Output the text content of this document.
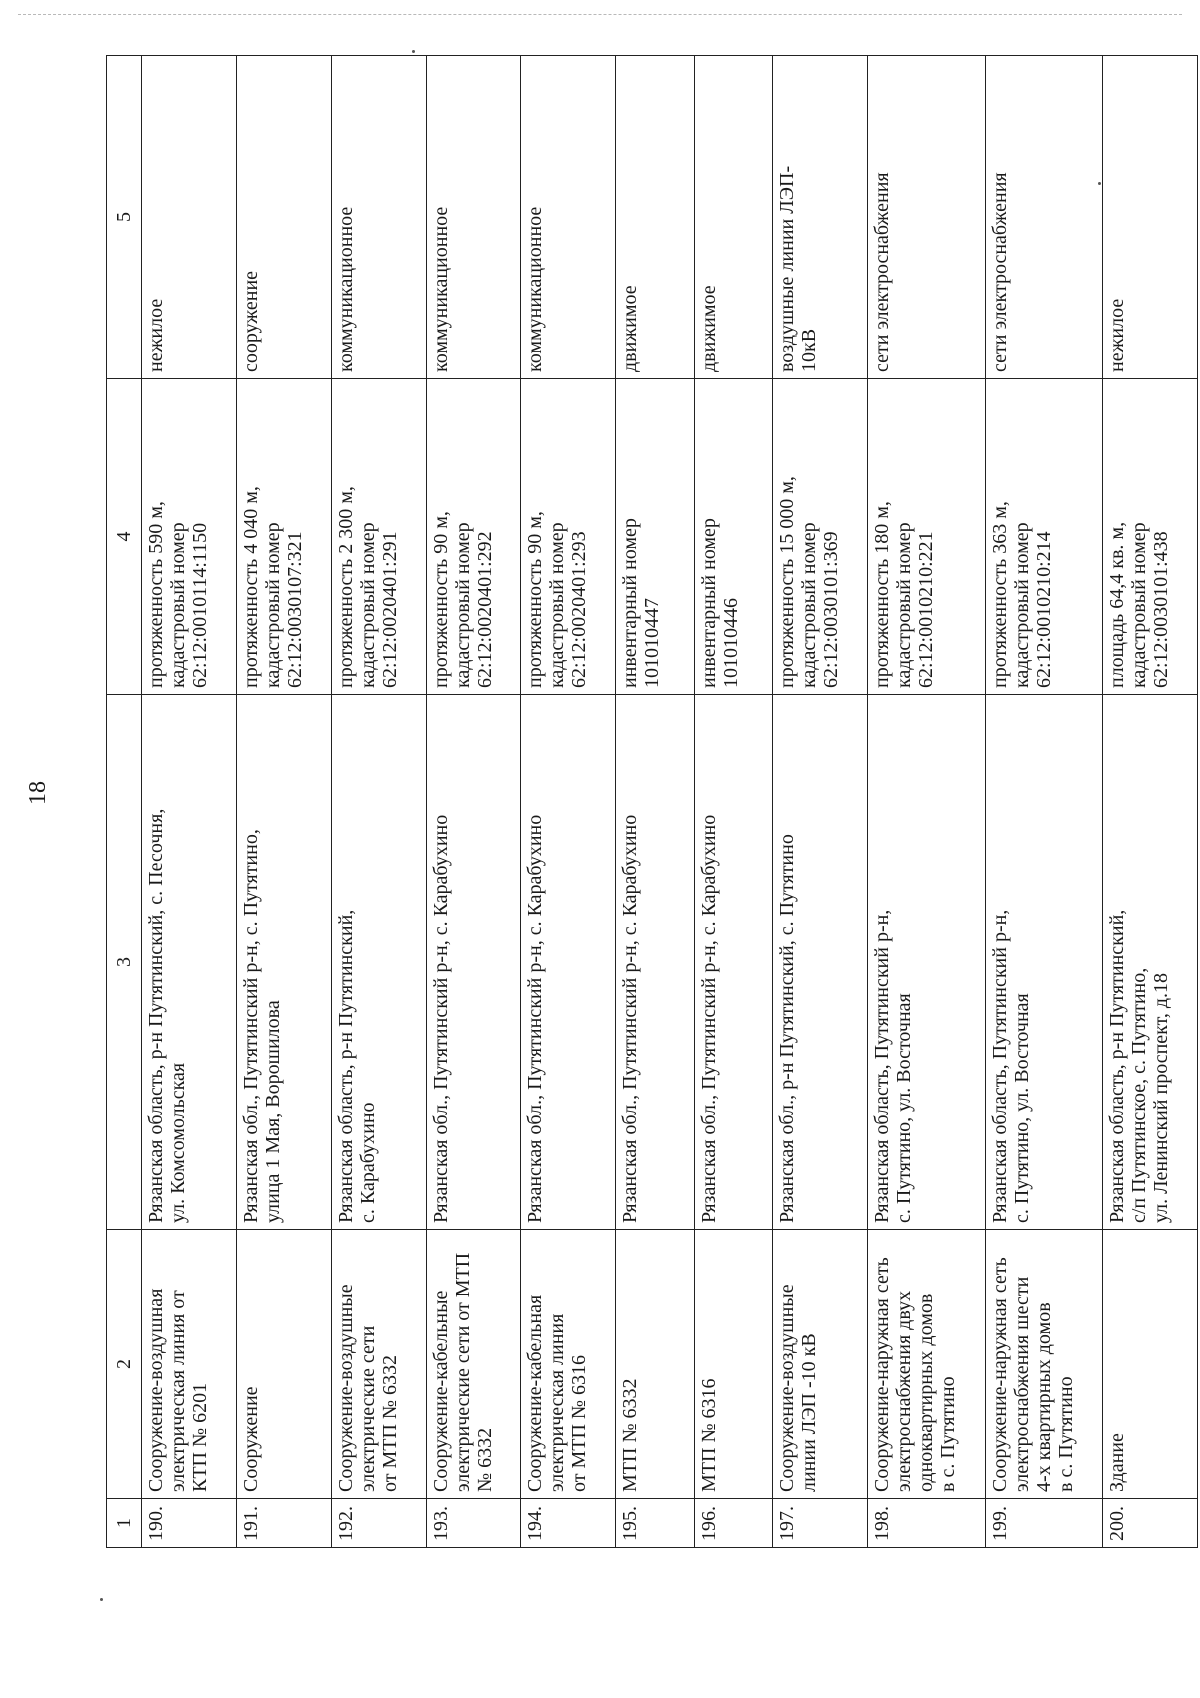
18
1	2	3	4	5
190.	Сооружение-воздушная
электрическая линия от
КТП № 6201	Рязанская область, р-н Путятинский, с. Песочня,
ул. Комсомольская	протяженность 590 м,
кадастровый номер
62:12:0010114:1150	нежилое
191.	Сооружение	Рязанская обл., Путятинский р-н, с. Путятино,
улица 1 Мая, Ворошилова	протяженность 4 040 м,
кадастровый номер
62:12:0030107:321	сооружение
192.	Сооружение-воздушные
электрические сети
от МТП № 6332	Рязанская область, р-н Путятинский,
с. Карабухино	протяженность 2 300 м,
кадастровый номер
62:12:0020401:291	коммуникационное
193.	Сооружение-кабельные
электрические сети от МТП
№ 6332	Рязанская обл., Путятинский р-н, с. Карабухино	протяженность 90 м,
кадастровый номер
62:12:0020401:292	коммуникационное
194.	Сооружение-кабельная
электрическая линия
от МТП № 6316	Рязанская обл., Путятинский р-н, с. Карабухино	протяженность 90 м,
кадастровый номер
62:12:0020401:293	коммуникационное
195.	МТП № 6332	Рязанская обл., Путятинский р-н, с. Карабухино	инвентарный номер
101010447	движимое
196.	МТП № 6316	Рязанская обл., Путятинский р-н, с. Карабухино	инвентарный номер
101010446	движимое
197.	Сооружение-воздушные
линии ЛЭП -10 кВ	Рязанская обл., р-н Путятинский, с. Путятино	протяженность 15 000 м,
кадастровый номер
62:12:0030101:369	воздушные линии ЛЭП-
10кВ
198.	Сооружение-наружная сеть
электроснабжения двух
одноквартирных домов
в с. Путятино	Рязанская область, Путятинский р-н,
с. Путятино, ул. Восточная	протяженность 180 м,
кадастровый номер
62:12:0010210:221	сети электроснабжения
199.	Сооружение-наружная сеть
электроснабжения шести
4-х квартирных домов
в с. Путятино	Рязанская область, Путятинский р-н,
с. Путятино, ул. Восточная	протяженность 363 м,
кадастровый номер
62:12:0010210:214	сети электроснабжения
200.	Здание	Рязанская область, р-н Путятинский,
с/п Путятинское, с. Путятино,
ул. Ленинский проспект, д.18	площадь 64,4 кв. м,
кадастровый номер
62:12:0030101:438	нежилое
